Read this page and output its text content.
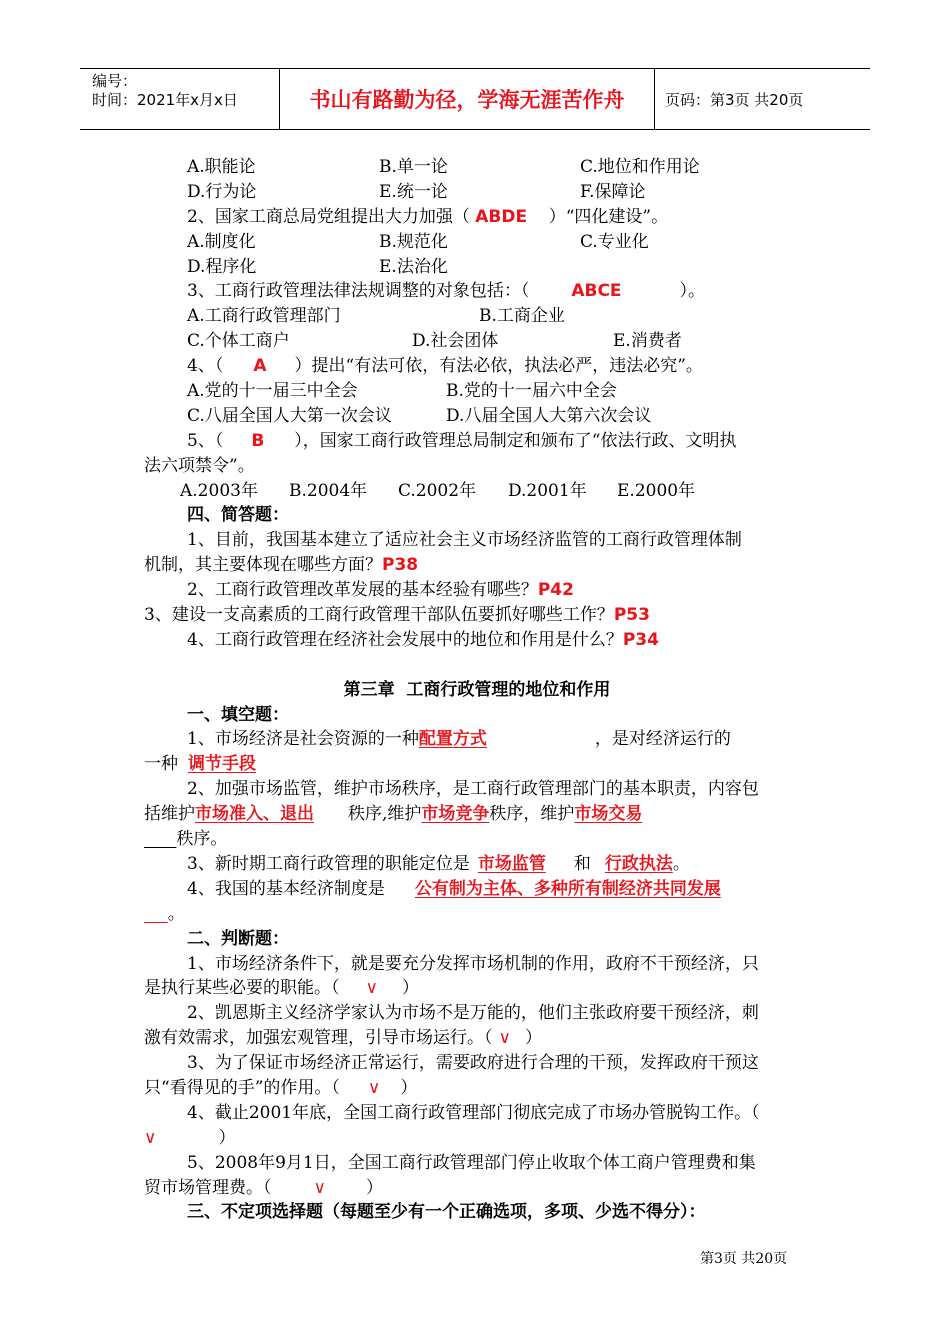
编号：
时间：2021年x月x日	书山有路勤为径，学海无涯苦作舟	页码：第3页 共20页
A.职能论	B.单一论	C.地位和作用论
D.行为论	E.统一论	F.保障论
2、国家工商总局党组提出大力加强（ ABDE    ）“四化建设”。
A.制度化	B.规范化	C.专业化
D.程序化	E.法治化
3、工商行政管理法律法规调整的对象包括：（ ABCE	）。
A.工商行政管理部门	B.工商企业
C.个体工商户	D.社会团体	E.消费者
4、（ A ）提出“有法可依，有法必依，执法必严，违法必究”。
A.党的十一届三中全会	B.党的十一届六中全会
C.八届全国人大第一次会议	D.八届全国人大第六次会议
5、（ B ），国家工商行政管理总局制定和颁布了“依法行政、文明执
法六项禁令”。
A.2003年 B.2004年 C.2002年 D.2001年 E.2000年
四、简答题：
1、目前，我国基本建立了适应社会主义市场经济监管的工商行政管理体制
机制，其主要体现在哪些方面？P38
2、工商行政管理改革发展的基本经验有哪些？P42
3、建设一支高素质的工商行政管理干部队伍要抓好哪些工作？P53
4、工商行政管理在经济社会发展中的地位和作用是什么？P34
第三章  工商行政管理的地位和作用
一、填空题：
1、市场经济是社会资源的一种配置方式	，是对经济运行的
一种 调节手段
2、加强市场监管，维护市场秩序，是工商行政管理部门的基本职责，内容包
括维护市场准入、退出 秩序,维护市场竞争秩序，维护市场交易
秩序。
3、新时期工商行政管理的职能定位是 市场监管 和 行政执法。
4、我国的基本经济制度是 公有制为主体、多种所有制经济共同发展
。
二、判断题：
1、市场经济条件下，就是要充分发挥市场机制的作用，政府不干预经济，只
是执行某些必要的职能。（ ∨ ）
2、凯恩斯主义经济学家认为市场不是万能的，他们主张政府要干预经济，刺
激有效需求，加强宏观管理，引导市场运行。（ ∨ ）
3、为了保证市场经济正常运行，需要政府进行合理的干预，发挥政府干预这
只“看得见的手”的作用。（ ∨ ）
4、截止2001年底，全国工商行政管理部门彻底完成了市场办管脱钩工作。（
∨	）
5、2008年9月1日，全国工商行政管理部门停止收取个体工商户管理费和集
贸市场管理费。（ ∨ ）
三、不定项选择题（每题至少有一个正确选项，多项、少选不得分）：
第3页 共20页
